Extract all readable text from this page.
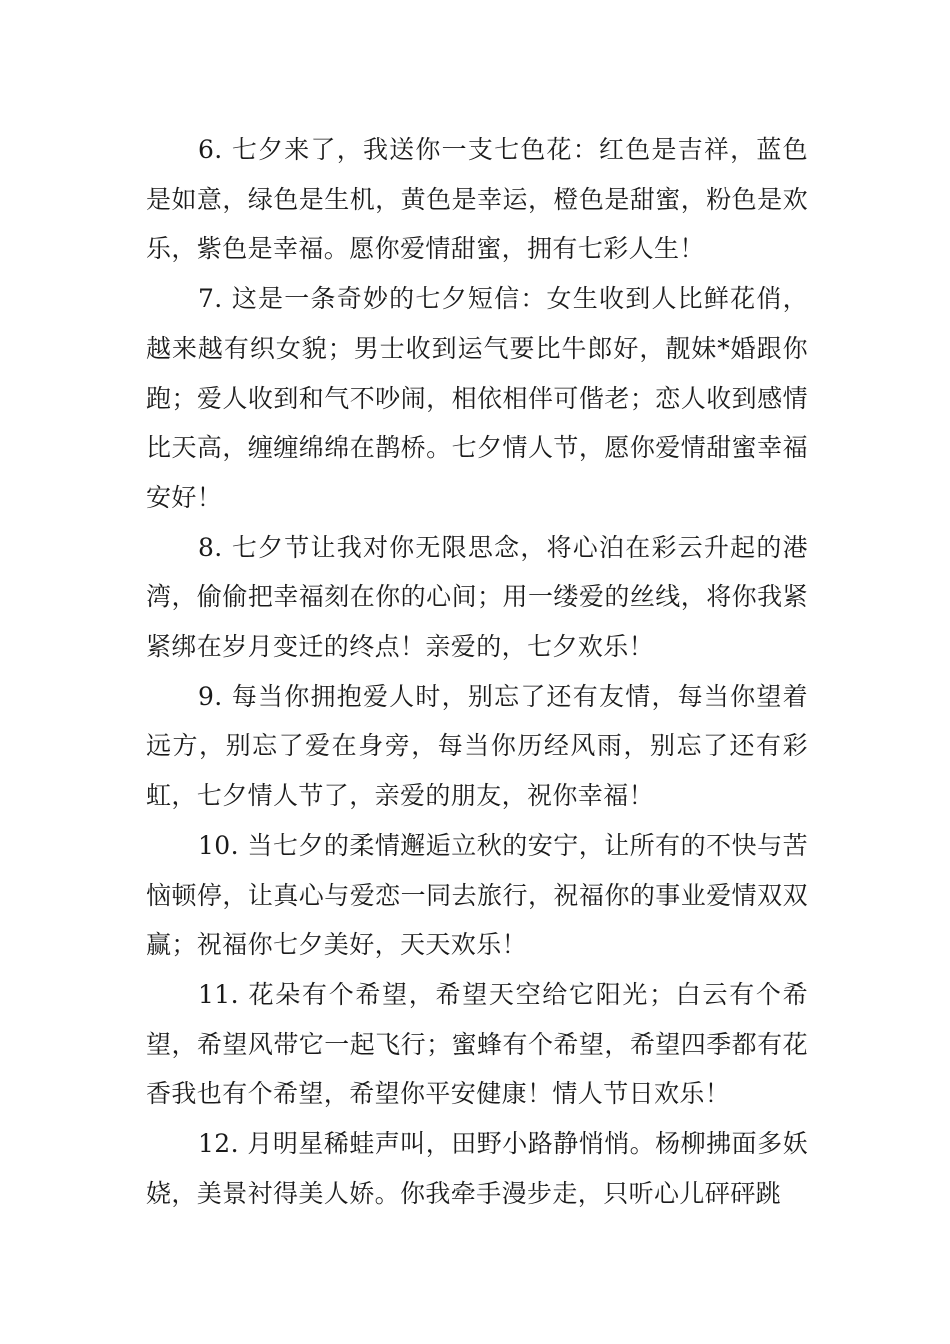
6. 七夕来了，我送你一支七色花：红色是吉祥，蓝色是如意，绿色是生机，黄色是幸运，橙色是甜蜜，粉色是欢乐，紫色是幸福。愿你爱情甜蜜，拥有七彩人生！

7. 这是一条奇妙的七夕短信：女生收到人比鲜花俏，越来越有织女貌；男士收到运气要比牛郎好，靓妹*婚跟你跑；爱人收到和气不吵闹，相依相伴可偕老；恋人收到感情比天高，缠缠绵绵在鹊桥。七夕情人节，愿你爱情甜蜜幸福安好！

8. 七夕节让我对你无限思念，将心泊在彩云升起的港湾，偷偷把幸福刻在你的心间；用一缕爱的丝线，将你我紧紧绑在岁月变迁的终点！亲爱的，七夕欢乐！

9. 每当你拥抱爱人时，别忘了还有友情，每当你望着远方，别忘了爱在身旁，每当你历经风雨，别忘了还有彩虹，七夕情人节了，亲爱的朋友，祝你幸福！

10. 当七夕的柔情邂逅立秋的安宁，让所有的不快与苦恼顿停，让真心与爱恋一同去旅行，祝福你的事业爱情双双赢；祝福你七夕美好，天天欢乐！

11. 花朵有个希望，希望天空给它阳光；白云有个希望，希望风带它一起飞行；蜜蜂有个希望，希望四季都有花香我也有个希望，希望你平安健康！情人节日欢乐！

12. 月明星稀蛙声叫，田野小路静悄悄。杨柳拂面多妖娆，美景衬得美人娇。你我牵手漫步走，只听心儿砰砰跳
